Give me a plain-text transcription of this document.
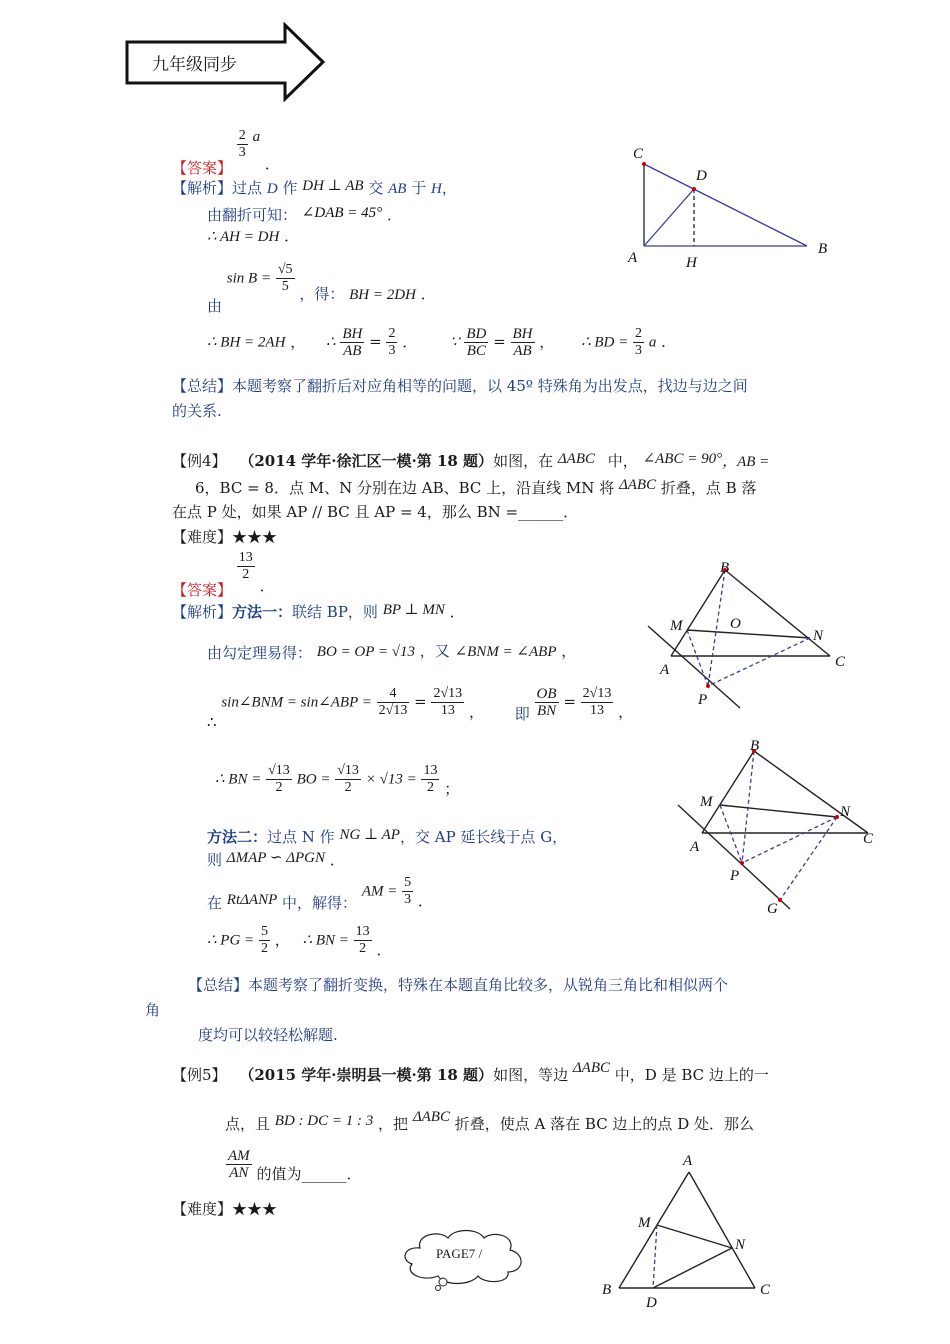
九年级同步
【答案】
$\frac{2}{3}$ a ．
【解析】过点 D 作 DH ⊥ AB 交 AB 于 H，
由翻折可知： ∠DAB = 45° ．
∴ AH = DH ．
由 $\sin B = \frac{√5}{5}$ ，得： BH = 2DH ．
∴ BH = 2AH ， ∴ $\frac{BH}{AB} = \frac{2}{3}$ ． ∵ $\frac{BD}{BC} = \frac{BH}{AB}$ ， ∴ BD = $\frac{2}{3}$ a ．
【总结】本题考察了翻折后对应角相等的问题，以 45º 特殊角为出发点，找边与边之间
的关系.
C
D
A	H
B
【例4】 （2014 学年·徐汇区一模·第 18 题）如图，在 ΔABC 中， ∠ABC = 90°，AB =
6，BC = 8．点 M、N 分别在边 AB、BC 上，沿直线 MN 将 ΔABC 折叠，点 B 落
在点 P 处，如果 AP // BC 且 AP = 4，那么 BN =______．
【难度】★★★
【答案】
$\frac{13}{2}$
．
【解析】方法一：联结 BP，则 BP ⊥ MN ．
由勾定理易得： BO = OP = √13 ，又 ∠BNM = ∠ABP ，
∴ sin∠BNM = sin∠ABP = $\frac{4}{2√13} = \frac{2√13}{13}$ ， 即 $\frac{OB}{BN} = \frac{2√13}{13}$ ，
∴ BN = $\frac{√13}{2}$ BO = $\frac{√13}{2} \times √13 = \frac{13}{2}$ ；
方法二：过点 N 作 NG ⊥ AP，交 AP 延长线于点 G，
则 ΔMAP ∽ ΔPGN ．
在 RtΔANP 中，解得： AM = $\frac{5}{3}$ ．
∴ PG = $\frac{5}{2}$ ， ∴ BN = $\frac{13}{2}$ ．
【总结】本题考察了翻折变换，特殊在本题直角比较多，从锐角三角比和相似两个
角
度均可以较轻松解题.
B
M	O
N
A	C
P
B
M
N
A	C
P
G
【例5】 （2015 学年·崇明县一模·第 18 题）如图，等边 ΔABC 中，D 是 BC 边上的一
点，且 BD : DC = 1 : 3 ，把 ΔABC 折叠，使点 A 落在 BC 边上的点 D 处．那么
$\frac{AM}{AN}$ 的值为______．
【难度】★★★
A
M
N
B
D
C
PAGE7 /
